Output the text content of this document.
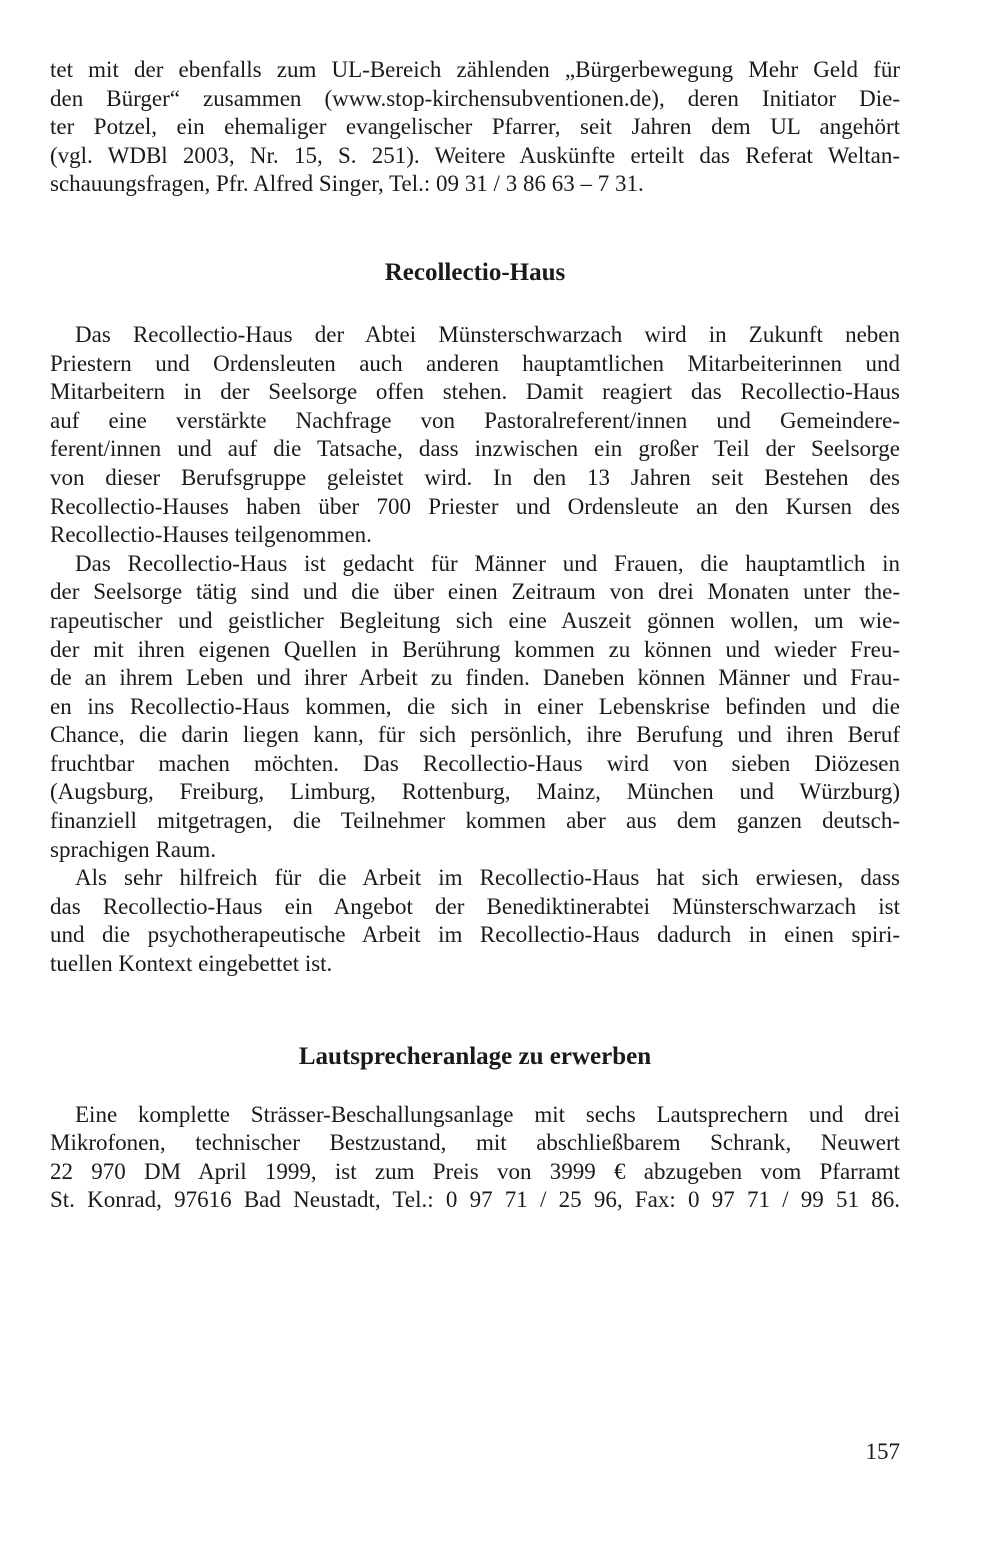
tet mit der ebenfalls zum UL-Bereich zählenden „Bürgerbewegung Mehr Geld für
den Bürger“ zusammen (www.stop-kirchensubventionen.de), deren Initiator Die-
ter Potzel, ein ehemaliger evangelischer Pfarrer, seit Jahren dem UL angehört
(vgl. WDBl 2003, Nr. 15, S. 251). Weitere Auskünfte erteilt das Referat Weltan-
schauungsfragen, Pfr. Alfred Singer, Tel.: 09 31 / 3 86 63 – 7 31.
Recollectio-Haus
Das Recollectio-Haus der Abtei Münsterschwarzach wird in Zukunft neben
Priestern und Ordensleuten auch anderen hauptamtlichen Mitarbeiterinnen und
Mitarbeitern in der Seelsorge offen stehen. Damit reagiert das Recollectio-Haus
auf eine verstärkte Nachfrage von Pastoralreferent/innen und Gemeindere-
ferent/innen und auf die Tatsache, dass inzwischen ein großer Teil der Seelsorge
von dieser Berufsgruppe geleistet wird. In den 13 Jahren seit Bestehen des
Recollectio-Hauses haben über 700 Priester und Ordensleute an den Kursen des
Recollectio-Hauses teilgenommen.
Das Recollectio-Haus ist gedacht für Männer und Frauen, die hauptamtlich in
der Seelsorge tätig sind und die über einen Zeitraum von drei Monaten unter the-
rapeutischer und geistlicher Begleitung sich eine Auszeit gönnen wollen, um wie-
der mit ihren eigenen Quellen in Berührung kommen zu können und wieder Freu-
de an ihrem Leben und ihrer Arbeit zu finden. Daneben können Männer und Frau-
en ins Recollectio-Haus kommen, die sich in einer Lebenskrise befinden und die
Chance, die darin liegen kann, für sich persönlich, ihre Berufung und ihren Beruf
fruchtbar machen möchten. Das Recollectio-Haus wird von sieben Diözesen
(Augsburg, Freiburg, Limburg, Rottenburg, Mainz, München und Würzburg)
finanziell mitgetragen, die Teilnehmer kommen aber aus dem ganzen deutsch-
sprachigen Raum.
Als sehr hilfreich für die Arbeit im Recollectio-Haus hat sich erwiesen, dass
das Recollectio-Haus ein Angebot der Benediktinerabtei Münsterschwarzach ist
und die psychotherapeutische Arbeit im Recollectio-Haus dadurch in einen spiri-
tuellen Kontext eingebettet ist.
Lautsprecheranlage zu erwerben
Eine komplette Strässer-Beschallungsanlage mit sechs Lautsprechern und drei
Mikrofonen, technischer Bestzustand, mit abschließbarem Schrank, Neuwert
22 970 DM April 1999, ist zum Preis von 3999 € abzugeben vom Pfarramt
St. Konrad, 97616 Bad Neustadt, Tel.: 0 97 71 / 25 96, Fax: 0 97 71 / 99 51 86.
157
